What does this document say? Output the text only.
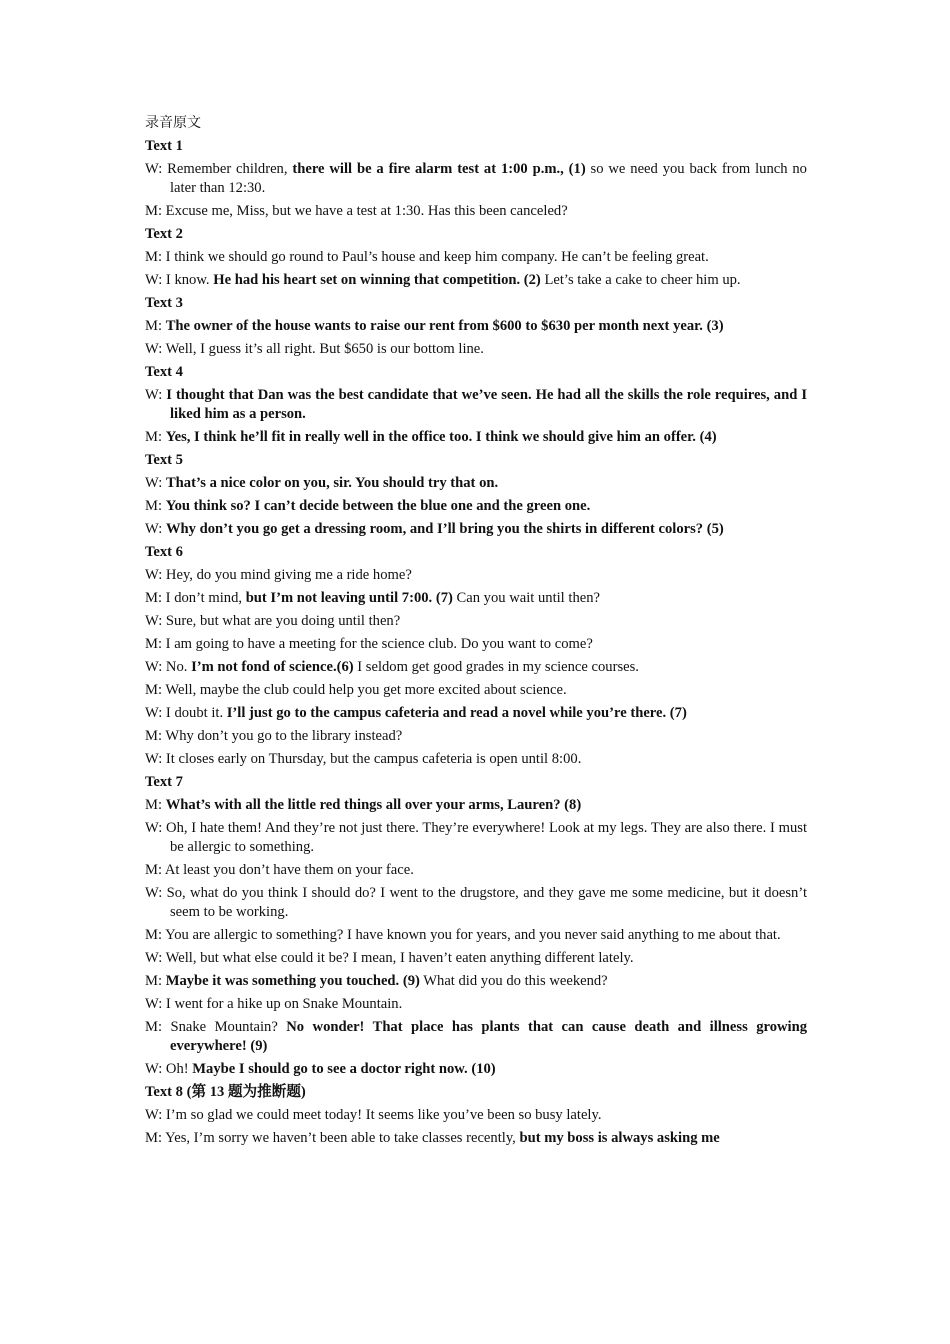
录音原文
Text 1
W: Remember children, there will be a fire alarm test at 1:00 p.m., (1) so we need you back from lunch no later than 12:30.
M: Excuse me, Miss, but we have a test at 1:30. Has this been canceled?
Text 2
M: I think we should go round to Paul’s house and keep him company. He can’t be feeling great.
W: I know. He had his heart set on winning that competition. (2) Let’s take a cake to cheer him up.
Text 3
M: The owner of the house wants to raise our rent from $600 to $630 per month next year. (3)
W: Well, I guess it’s all right. But $650 is our bottom line.
Text 4
W: I thought that Dan was the best candidate that we’ve seen. He had all the skills the role requires, and I liked him as a person.
M: Yes, I think he’ll fit in really well in the office too. I think we should give him an offer. (4)
Text 5
W: That’s a nice color on you, sir. You should try that on.
M: You think so? I can’t decide between the blue one and the green one.
W: Why don’t you go get a dressing room, and I’ll bring you the shirts in different colors? (5)
Text 6
W: Hey, do you mind giving me a ride home?
M: I don’t mind, but I’m not leaving until 7:00. (7) Can you wait until then?
W: Sure, but what are you doing until then?
M: I am going to have a meeting for the science club. Do you want to come?
W: No. I’m not fond of science.(6) I seldom get good grades in my science courses.
M: Well, maybe the club could help you get more excited about science.
W: I doubt it. I’ll just go to the campus cafeteria and read a novel while you’re there. (7)
M: Why don’t you go to the library instead?
W: It closes early on Thursday, but the campus cafeteria is open until 8:00.
Text 7
M: What’s with all the little red things all over your arms, Lauren? (8)
W: Oh, I hate them! And they’re not just there. They’re everywhere! Look at my legs. They are also there. I must be allergic to something.
M: At least you don’t have them on your face.
W: So, what do you think I should do? I went to the drugstore, and they gave me some medicine, but it doesn’t seem to be working.
M: You are allergic to something? I have known you for years, and you never said anything to me about that.
W: Well, but what else could it be? I mean, I haven’t eaten anything different lately.
M: Maybe it was something you touched. (9) What did you do this weekend?
W: I went for a hike up on Snake Mountain.
M: Snake Mountain? No wonder! That place has plants that can cause death and illness growing everywhere! (9)
W: Oh! Maybe I should go to see a doctor right now. (10)
Text 8 (第 13 题为推断题)
W: I’m so glad we could meet today! It seems like you’ve been so busy lately.
M: Yes, I’m sorry we haven’t been able to take classes recently, but my boss is always asking me
